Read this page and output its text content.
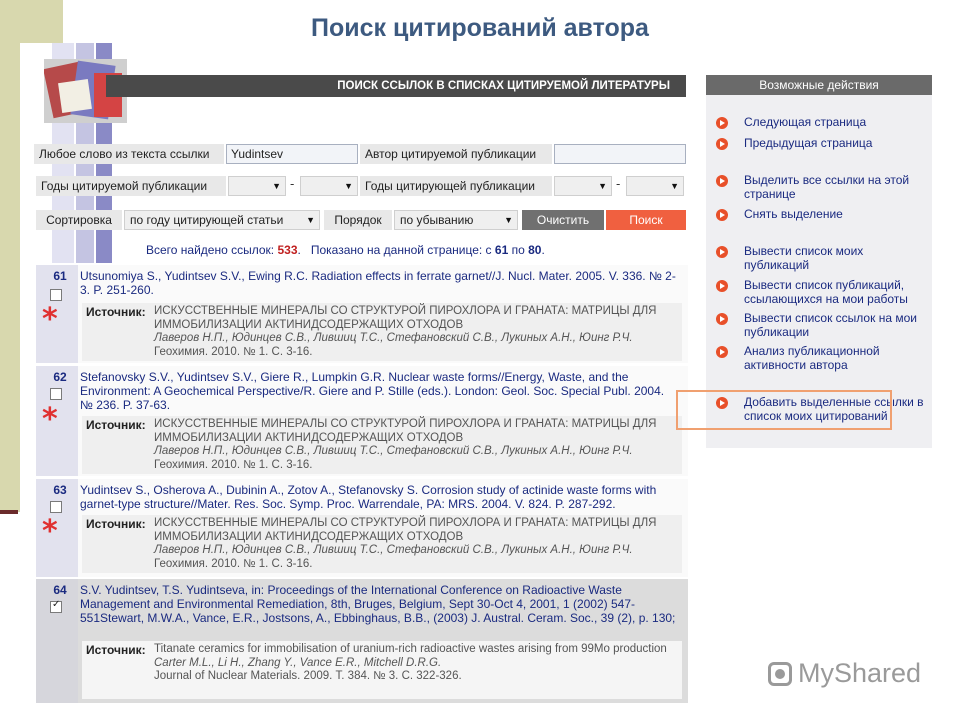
Поиск цитирований автора
ПОИСК ССЫЛОК В СПИСКАХ ЦИТИРУЕМОЙ ЛИТЕРАТУРЫ
Любое слово из текста ссылки	Yudintsev	Автор цитируемой публикации
Годы цитируемой публикации	▼ -	▼	Годы цитирующей публикации	▼ -	▼
Сортировка	по году цитирующей статьи	▼	Порядок	по убыванию	▼	Очистить	Поиск
Всего найдено ссылок: 533.   Показано на данной странице: с 61 по 80.
61
*
Utsunomiya S., Yudintsev S.V., Ewing R.C. Radiation effects in ferrate garnet//J. Nucl. Mater. 2005. V. 336. № 2-3. P. 251-260.
Источник: ИСКУССТВЕННЫЕ МИНЕРАЛЫ СО СТРУКТУРОЙ ПИРОХЛОРА И ГРАНАТА: МАТРИЦЫ ДЛЯ ИММОБИЛИЗАЦИИ АКТИНИДСОДЕРЖАЩИХ ОТХОДОВ
Лаверов Н.П., Юдинцев С.В., Лившиц Т.С., Стефановский С.В., Лукиных А.Н., Юинг Р.Ч.
Геохимия. 2010. № 1. С. 3-16.
62
*
Stefanovsky S.V., Yudintsev S.V., Giere R., Lumpkin G.R. Nuclear waste forms//Energy, Waste, and the Environment: A Geochemical Perspective/R. Giere and P. Stille (eds.). London: Geol. Soc. Special Publ. 2004. № 236. P. 37-63.
Источник: ИСКУССТВЕННЫЕ МИНЕРАЛЫ СО СТРУКТУРОЙ ПИРОХЛОРА И ГРАНАТА: МАТРИЦЫ ДЛЯ ИММОБИЛИЗАЦИИ АКТИНИДСОДЕРЖАЩИХ ОТХОДОВ
Лаверов Н.П., Юдинцев С.В., Лившиц Т.С., Стефановский С.В., Лукиных А.Н., Юинг Р.Ч.
Геохимия. 2010. № 1. С. 3-16.
63
*
Yudintsev S., Osherova A., Dubinin A., Zotov A., Stefanovsky S. Corrosion study of actinide waste forms with garnet-type structure//Mater. Res. Soc. Symp. Proc. Warrendale, PA: MRS. 2004. V. 824. P. 287-292.
Источник: ИСКУССТВЕННЫЕ МИНЕРАЛЫ СО СТРУКТУРОЙ ПИРОХЛОРА И ГРАНАТА: МАТРИЦЫ ДЛЯ ИММОБИЛИЗАЦИИ АКТИНИДСОДЕРЖАЩИХ ОТХОДОВ
Лаверов Н.П., Юдинцев С.В., Лившиц Т.С., Стефановский С.В., Лукиных А.Н., Юинг Р.Ч.
Геохимия. 2010. № 1. С. 3-16.
64
✓	S.V. Yudintsev, T.S. Yudintseva, in: Proceedings of the International Conference on Radioactive Waste Management and Environmental Remediation, 8th, Bruges, Belgium, Sept 30-Oct 4, 2001, 1 (2002) 547-551Stewart, M.W.A., Vance, E.R., Jostsons, A., Ebbinghaus, B.B., (2003) J. Austral. Ceram. Soc., 39 (2), p. 130;
Источник: Titanate ceramics for immobilisation of uranium-rich radioactive wastes arising from 99Mo production
Carter M.L., Li H., Zhang Y., Vance E.R., Mitchell D.R.G.
Journal of Nuclear Materials. 2009. Т. 384. № 3. С. 322-326.
Возможные действия
Следующая страница
Предыдущая страница
Выделить все ссылки на этой странице
Снять выделение
Вывести список моих публикаций
Вывести список публикаций, ссылающихся на мои работы
Вывести список ссылок на мои публикации
Анализ публикационной активности автора
Добавить выделенные ссылки в список моих цитирований
MyShared
